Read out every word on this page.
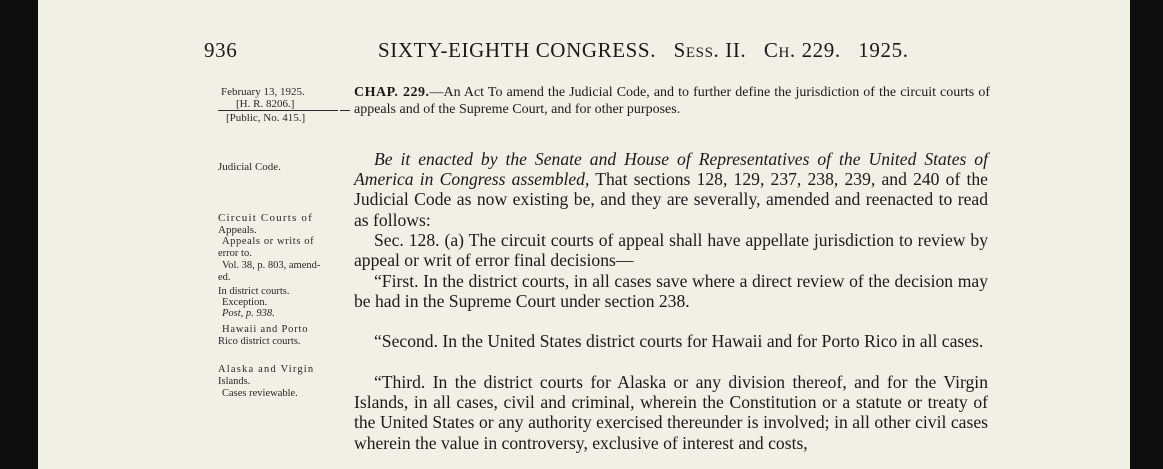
936	SIXTY-EIGHTH CONGRESS. Sess. II. Ch. 229. 1925.
February 13, 1925.
[H. R. 8206.]
[Public, No. 415.]
Judicial Code.
Circuit Courts of
Appeals.
Appeals or writs of
error to.
Vol. 38, p. 803, amend-
ed.
In district courts.
Exception.
Post, p. 938.
Hawaii and Porto
Rico district courts.
Alaska and Virgin
Islands.
Cases reviewable.
CHAP. 229.—An Act To amend the Judicial Code, and to further define the jurisdiction of the circuit courts of appeals and of the Supreme Court, and for other purposes.
Be it enacted by the Senate and House of Representatives of the United States of America in Congress assembled, That sections 128, 129, 237, 238, 239, and 240 of the Judicial Code as now existing be, and they are severally, amended and reenacted to read as follows:
Sec. 128. (a) The circuit courts of appeal shall have appellate jurisdiction to review by appeal or writ of error final decisions—
“First. In the district courts, in all cases save where a direct review of the decision may be had in the Supreme Court under section 238.
“Second. In the United States district courts for Hawaii and for Porto Rico in all cases.
“Third. In the district courts for Alaska or any division thereof, and for the Virgin Islands, in all cases, civil and criminal, wherein the Constitution or a statute or treaty of the United States or any authority exercised thereunder is involved; in all other civil cases wherein the value in controversy, exclusive of interest and costs,
